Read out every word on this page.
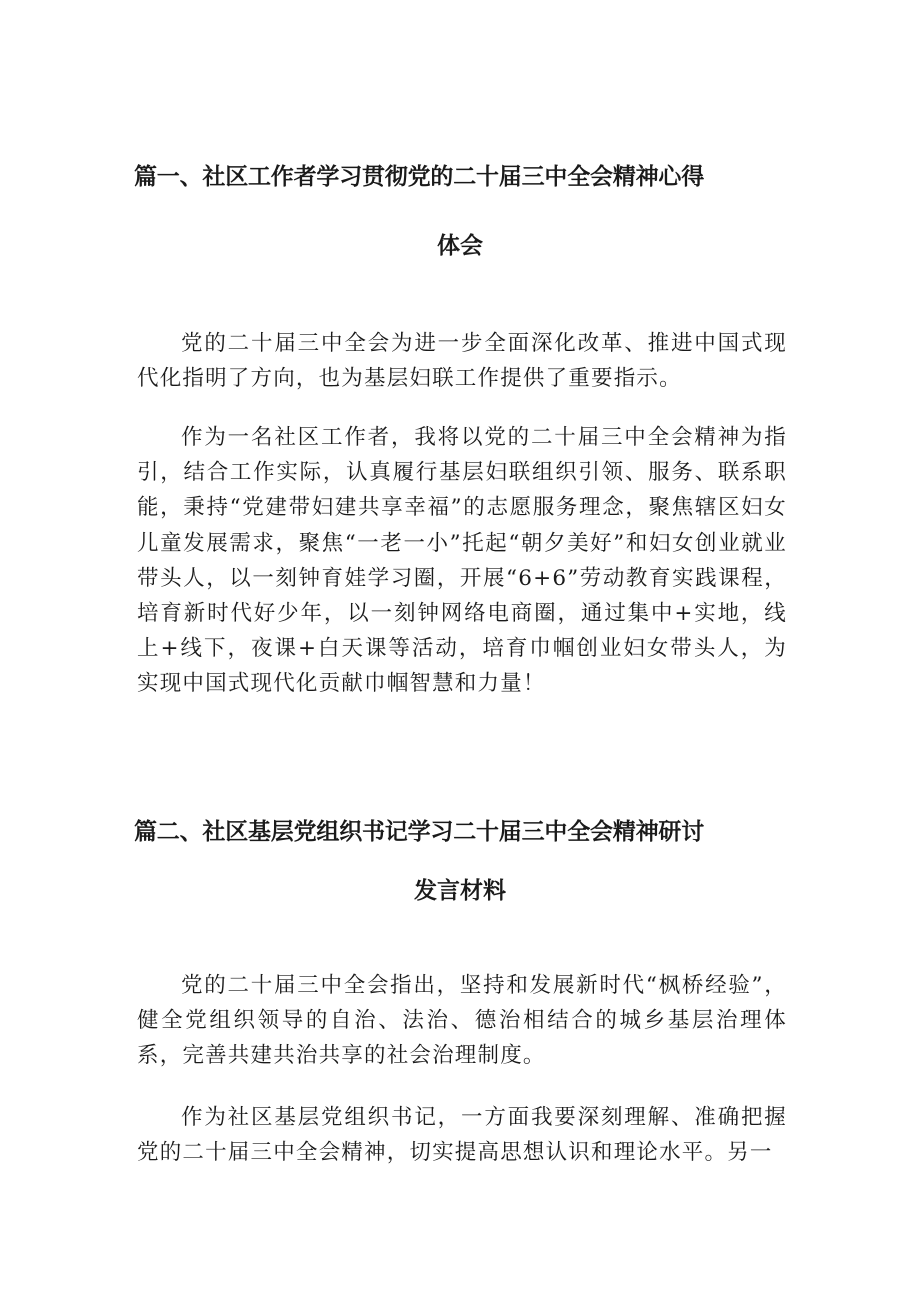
篇一、社区工作者学习贯彻党的二十届三中全会精神心得
体会

党的二十届三中全会为进一步全面深化改革、推进中国式现代化指明了方向，也为基层妇联工作提供了重要指示。

作为一名社区工作者，我将以党的二十届三中全会精神为指引，结合工作实际，认真履行基层妇联组织引领、服务、联系职能，秉持“党建带妇建共享幸福”的志愿服务理念，聚焦辖区妇女儿童发展需求，聚焦“一老一小”托起“朝夕美好”和妇女创业就业带头人，以一刻钟育娃学习圈，开展“6+6”劳动教育实践课程，培育新时代好少年，以一刻钟网络电商圈，通过集中+实地，线上+线下，夜课+白天课等活动，培育巾帼创业妇女带头人，为实现中国式现代化贡献巾帼智慧和力量！

篇二、社区基层党组织书记学习二十届三中全会精神研讨
发言材料

党的二十届三中全会指出，坚持和发展新时代“枫桥经验”，健全党组织领导的自治、法治、德治相结合的城乡基层治理体系，完善共建共治共享的社会治理制度。

作为社区基层党组织书记，一方面我要深刻理解、准确把握党的二十届三中全会精神，切实提高思想认识和理论水平。另一
